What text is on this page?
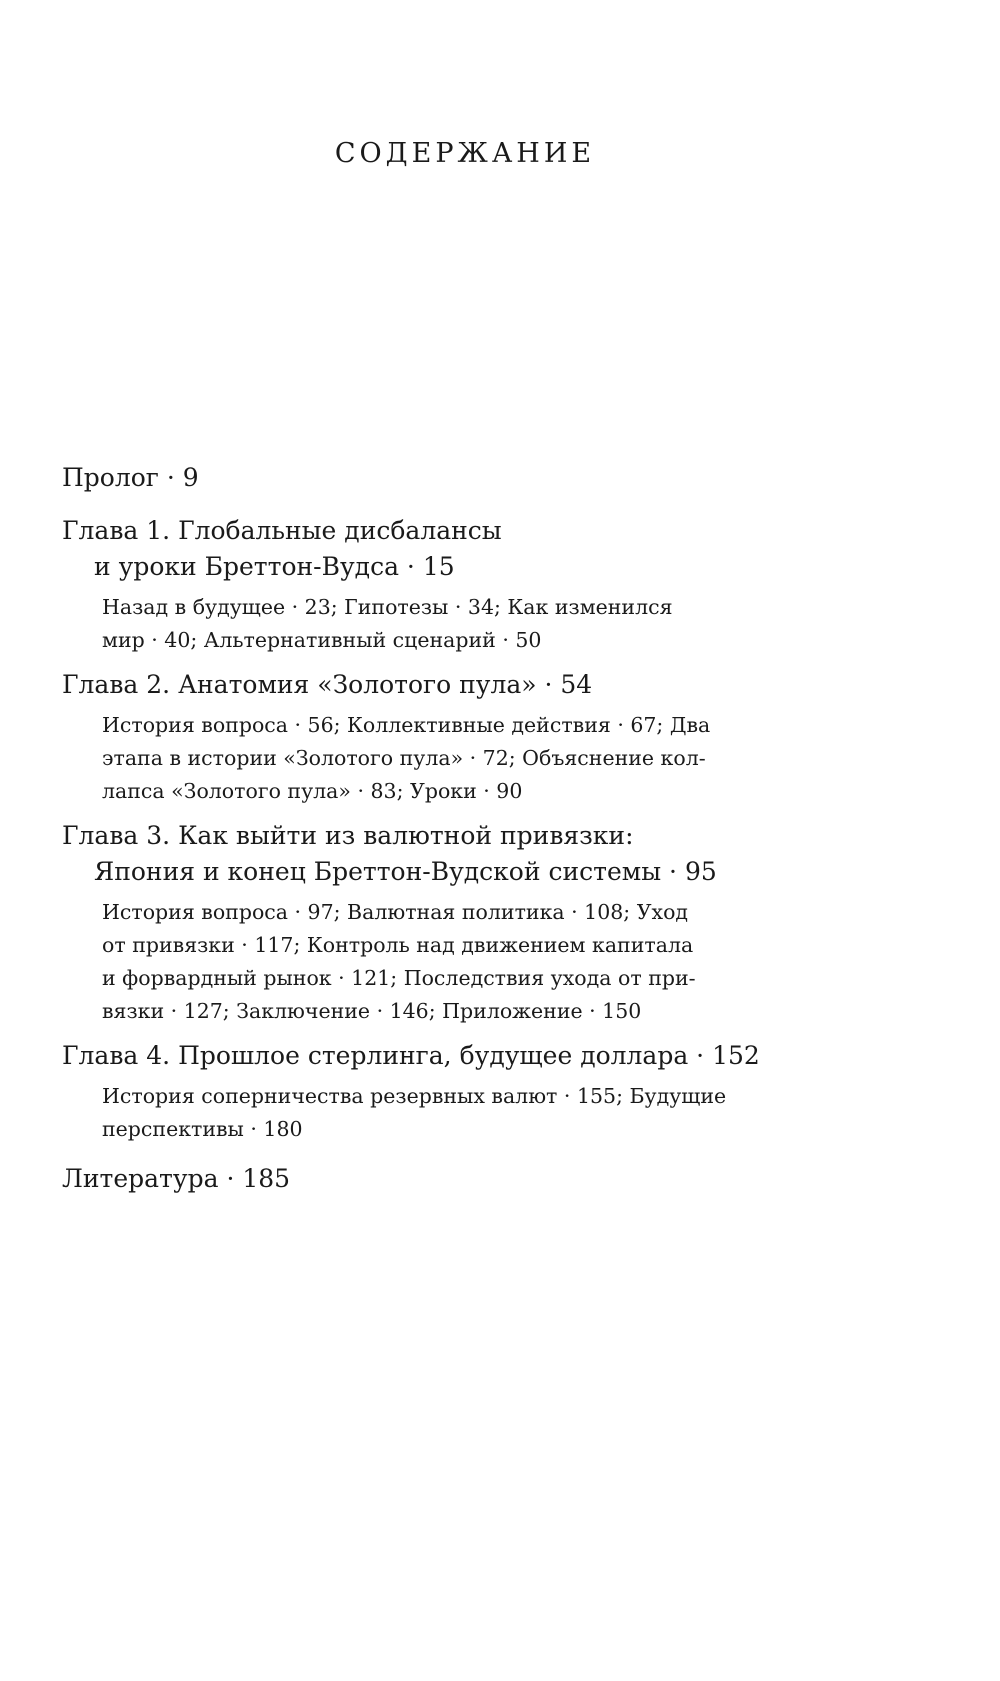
СОДЕРЖАНИЕ
Пролог · 9
Глава 1. Глобальные дисбалансы
и уроки Бреттон-Вудса · 15
Назад в будущее · 23; Гипотезы · 34; Как изменился
мир · 40; Альтернативный сценарий · 50
Глава 2. Анатомия «Золотого пула» · 54
История вопроса · 56; Коллективные действия · 67; Два
этапа в истории «Золотого пула» · 72; Объяснение кол-
лапса «Золотого пула» · 83; Уроки · 90
Глава 3. Как выйти из валютной привязки:
Япония и конец Бреттон-Вудской системы · 95
История вопроса · 97; Валютная политика · 108; Уход
от привязки · 117; Контроль над движением капитала
и форвардный рынок · 121; Последствия ухода от при-
вязки · 127; Заключение · 146; Приложение · 150
Глава 4. Прошлое стерлинга, будущее доллара · 152
История соперничества резервных валют · 155; Будущие
перспективы · 180
Литература · 185
